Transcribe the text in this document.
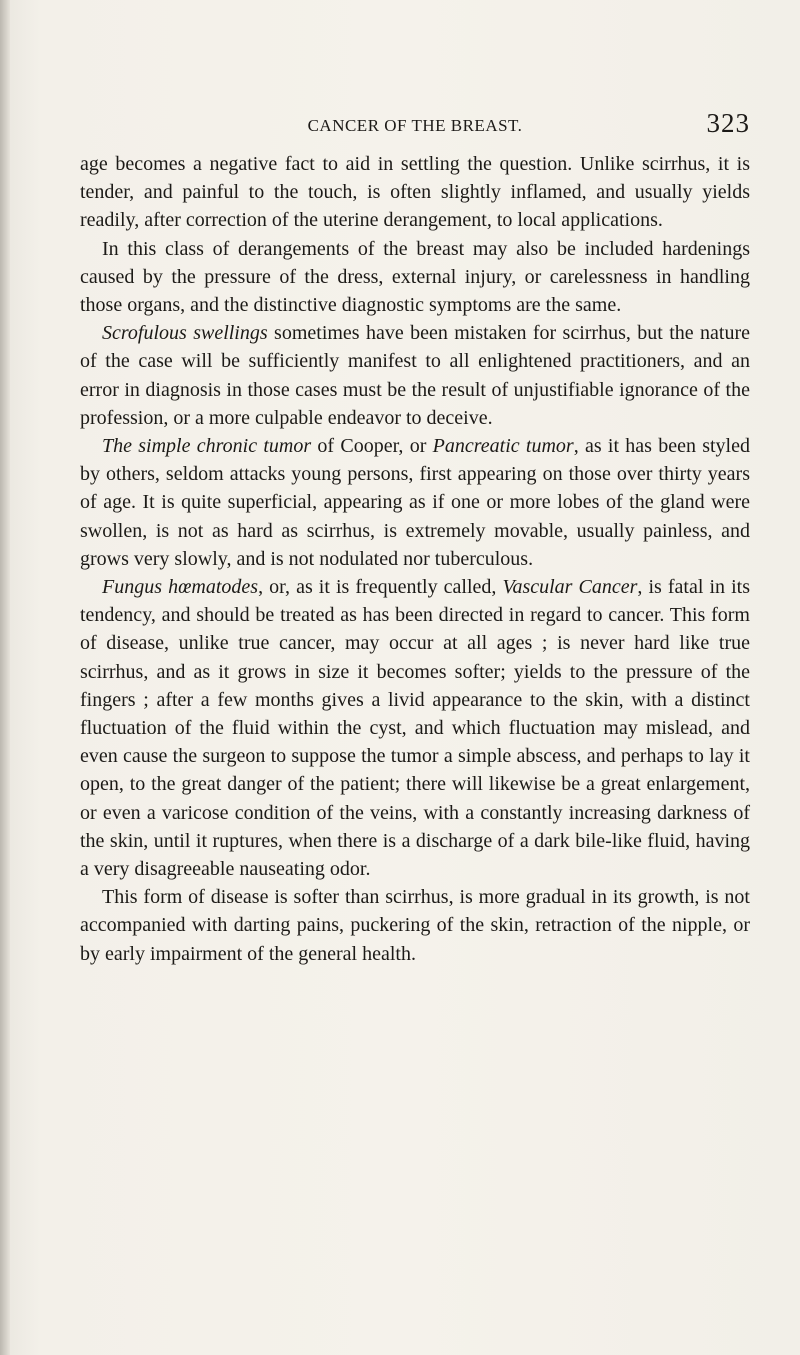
CANCER OF THE BREAST.	323

age becomes a negative fact to aid in settling the question. Unlike scirrhus, it is tender, and painful to the touch, is often slightly inflamed, and usually yields readily, after correction of the uterine derangement, to local applications.

In this class of derangements of the breast may also be included hardenings caused by the pressure of the dress, external injury, or carelessness in handling those organs, and the distinctive diagnostic symptoms are the same.

Scrofulous swellings sometimes have been mistaken for scirrhus, but the nature of the case will be sufficiently manifest to all enlightened practitioners, and an error in diagnosis in those cases must be the result of unjustifiable ignorance of the profession, or a more culpable endeavor to deceive.

The simple chronic tumor of Cooper, or Pancreatic tumor, as it has been styled by others, seldom attacks young persons, first appearing on those over thirty years of age. It is quite superficial, appearing as if one or more lobes of the gland were swollen, is not as hard as scirrhus, is extremely movable, usually painless, and grows very slowly, and is not nodulated nor tuberculous.

Fungus hœmatodes, or, as it is frequently called, Vascular Cancer, is fatal in its tendency, and should be treated as has been directed in regard to cancer. This form of disease, unlike true cancer, may occur at all ages ; is never hard like true scirrhus, and as it grows in size it becomes softer; yields to the pressure of the fingers ; after a few months gives a livid appearance to the skin, with a distinct fluctuation of the fluid within the cyst, and which fluctuation may mislead, and even cause the surgeon to suppose the tumor a simple abscess, and perhaps to lay it open, to the great danger of the patient; there will likewise be a great enlargement, or even a varicose condition of the veins, with a constantly increasing darkness of the skin, until it ruptures, when there is a discharge of a dark bile-like fluid, having a very disagreeable nauseating odor.

This form of disease is softer than scirrhus, is more gradual in its growth, is not accompanied with darting pains, puckering of the skin, retraction of the nipple, or by early impairment of the general health.
